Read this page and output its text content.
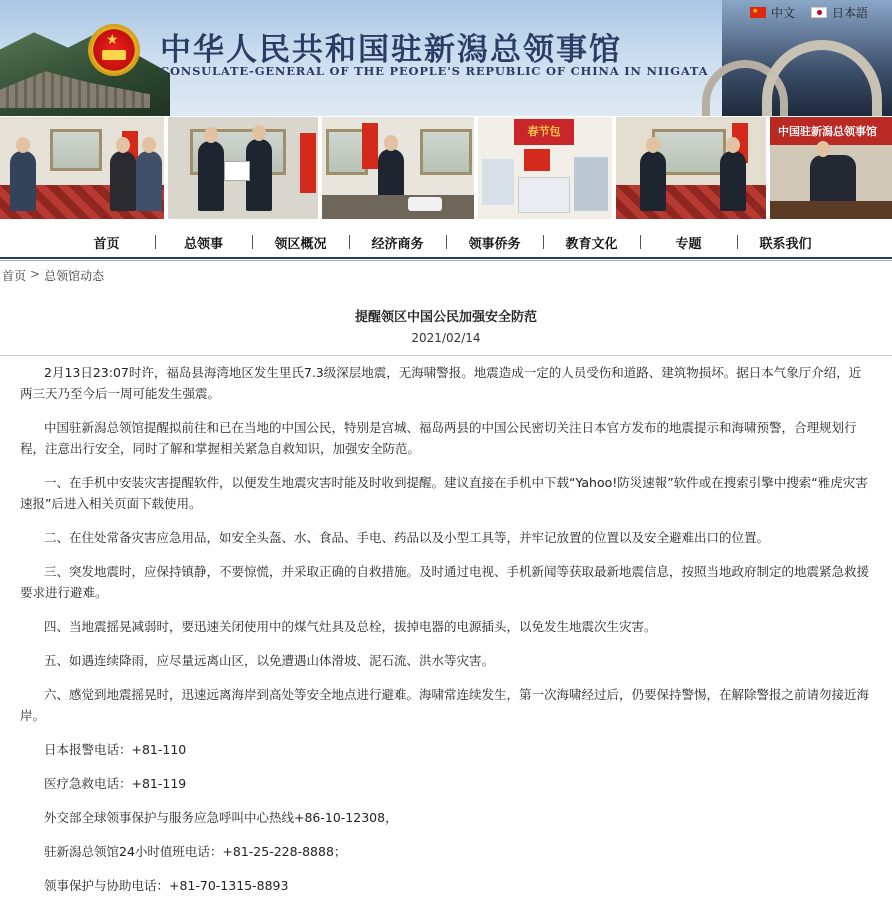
★ 中华人民共和国驻新潟总领事馆
CONSULATE-GENERAL OF THE PEOPLE'S REPUBLIC OF CHINA IN NIIGATA
★
中文	日本語
春节包	中国驻新潟总领事馆
首页	总领事	领区概况	经济商务	领事侨务	教育文化	专题	联系我们
首页 > 总领馆动态
提醒领区中国公民加强安全防范
2021/02/14

2月13日23:07时许，福岛县海湾地区发生里氏7.3级深层地震，无海啸警报。地震造成一定的人员受伤和道路、建筑物损坏。据日本气象厅介绍，近两三天乃至今后一周可能发生强震。

中国驻新潟总领馆提醒拟前往和已在当地的中国公民，特别是宫城、福岛两县的中国公民密切关注日本官方发布的地震提示和海啸预警，合理规划行程，注意出行安全，同时了解和掌握相关紧急自救知识，加强安全防范。

一、在手机中安装灾害提醒软件，以便发生地震灾害时能及时收到提醒。建议直接在手机中下载“Yahoo!防災速報”软件或在搜索引擎中搜索“雅虎灾害速报”后进入相关页面下载使用。

二、在住处常备灾害应急用品，如安全头盔、水、食品、手电、药品以及小型工具等，并牢记放置的位置以及安全避难出口的位置。

三、突发地震时，应保持镇静，不要惊慌，并采取正确的自救措施。及时通过电视、手机新闻等获取最新地震信息，按照当地政府制定的地震紧急救援要求进行避难。

四、当地震摇晃减弱时，要迅速关闭使用中的煤气灶具及总栓，拔掉电器的电源插头，以免发生地震次生灾害。

五、如遇连续降雨，应尽量远离山区，以免遭遇山体滑坡、泥石流、洪水等灾害。

六、感觉到地震摇晃时，迅速远离海岸到高处等安全地点进行避难。海啸常连续发生，第一次海啸经过后，仍要保持警惕，在解除警报之前请勿接近海岸。

日本报警电话：+81-110

医疗急救电话：+81-119

外交部全球领事保护与服务应急呼叫中心热线+86-10-12308，

驻新潟总领馆24小时值班电话：+81-25-228-8888；

领事保护与协助电话：+81-70-1315-8893
